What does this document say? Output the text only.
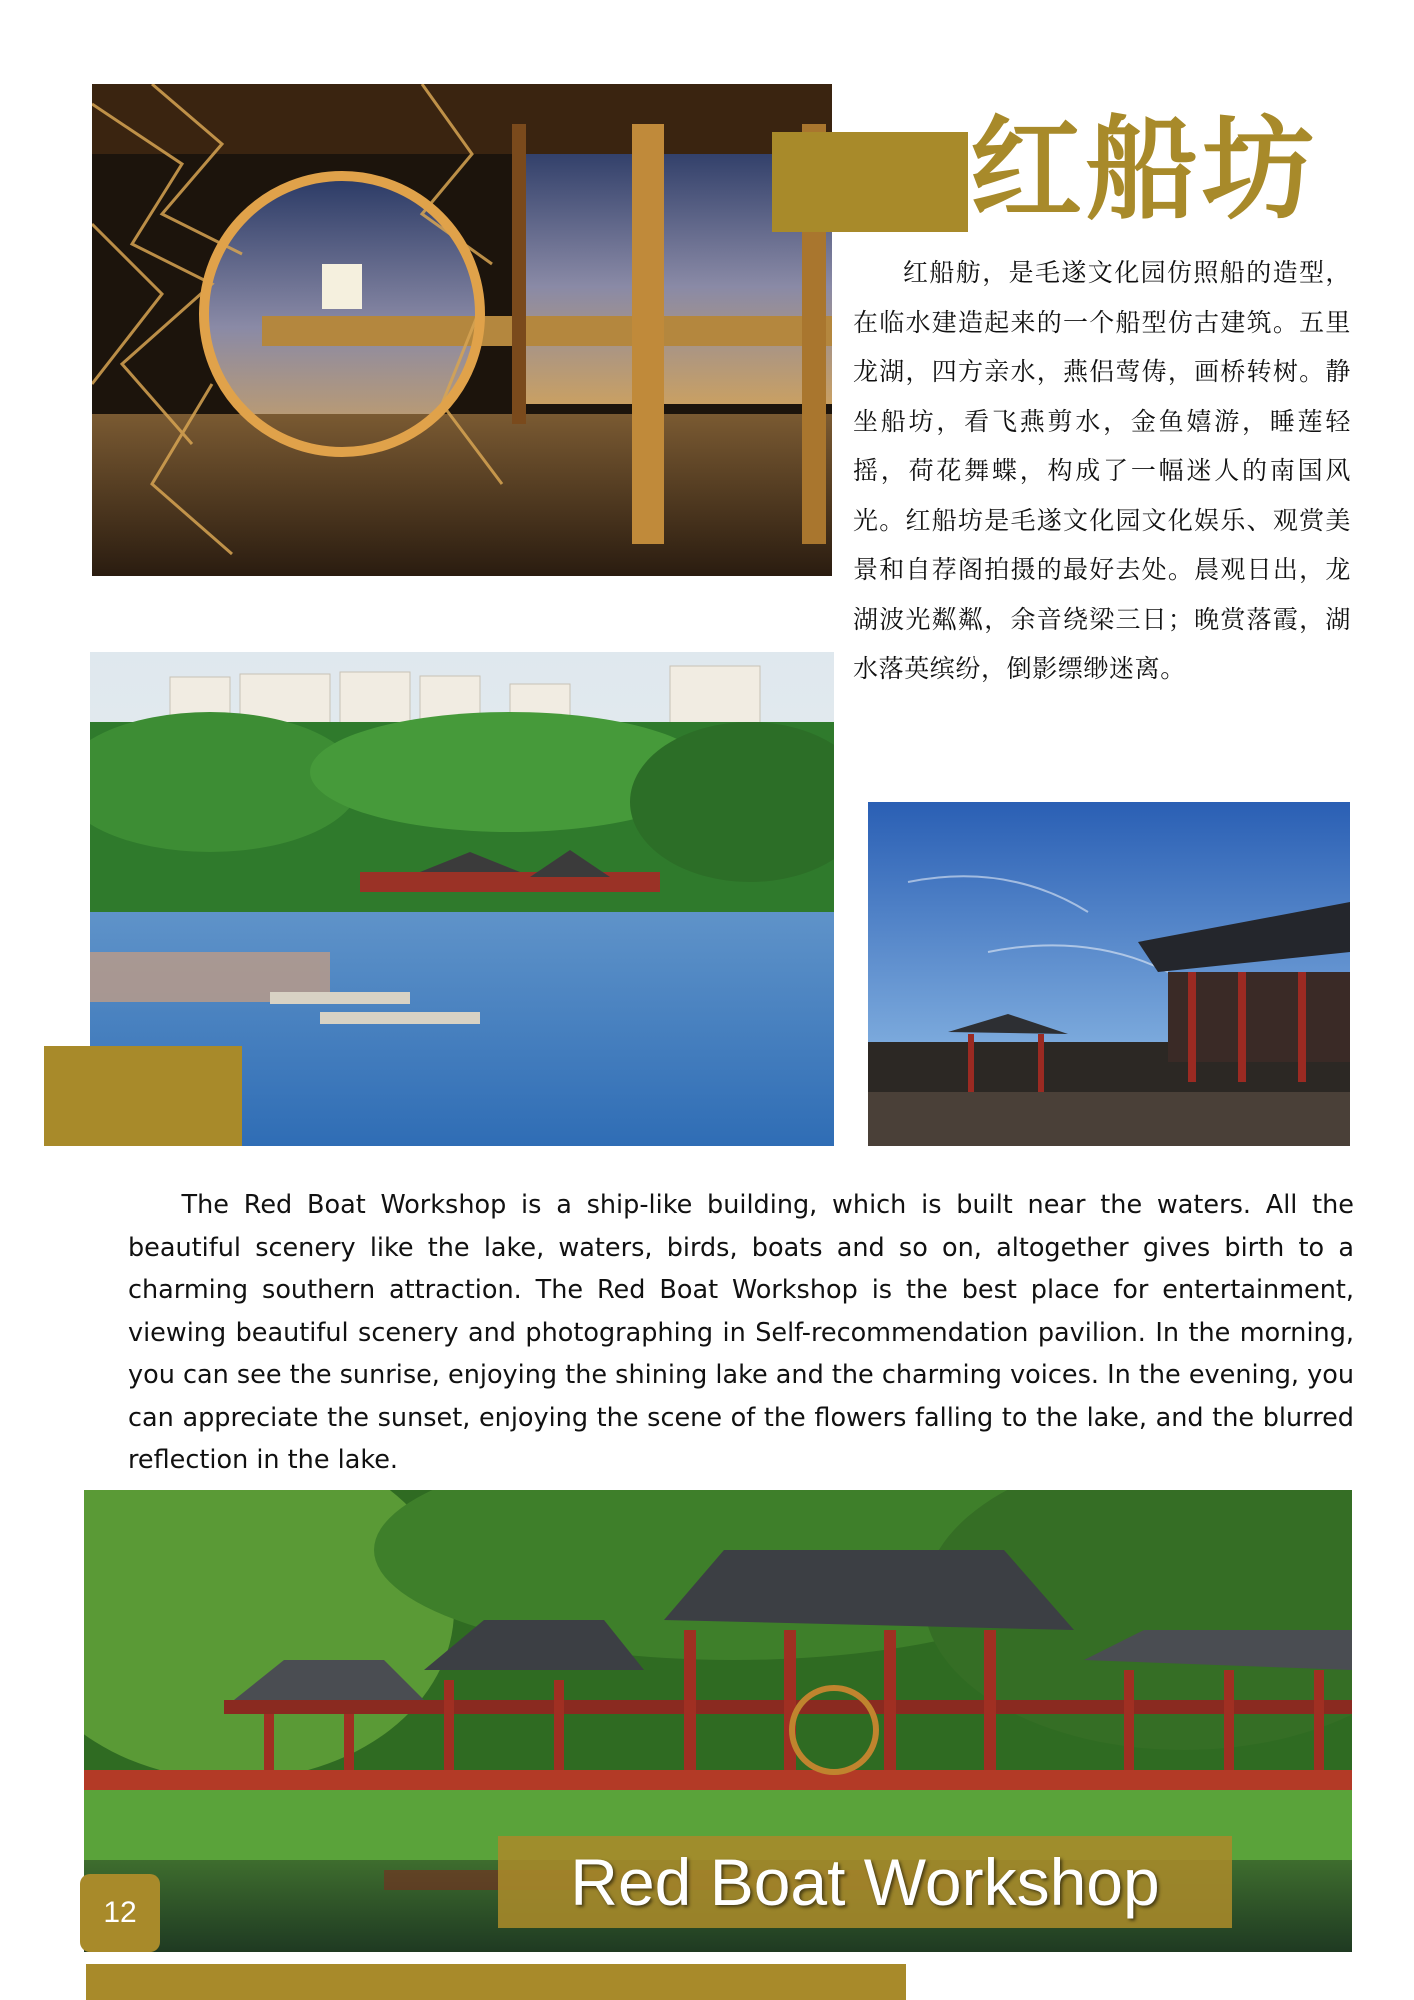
红船坊
红船舫，是毛遂文化园仿照船的造型，在临水建造起来的一个船型仿古建筑。五里龙湖，四方亲水，燕侣莺俦，画桥转树。静坐船坊，看飞燕剪水，金鱼嬉游，睡莲轻摇，荷花舞蝶，构成了一幅迷人的南国风光。红船坊是毛遂文化园文化娱乐、观赏美景和自荐阁拍摄的最好去处。晨观日出，龙湖波光粼粼，余音绕梁三日；晚赏落霞，湖水落英缤纷，倒影缥缈迷离。
The Red Boat Workshop is a ship-like building, which is built near the waters. All the beautiful scenery like the lake, waters, birds, boats and so on, altogether gives birth to a charming southern attraction. The Red Boat Workshop is the best place for entertainment, viewing beautiful scenery and photographing in Self-recommendation pavilion. In the morning, you can see the sunrise, enjoying the shining lake and the charming voices. In the evening, you can appreciate the sunset, enjoying the scene of the flowers falling to the lake, and the blurred reflection in the lake.
Red Boat Workshop
12
